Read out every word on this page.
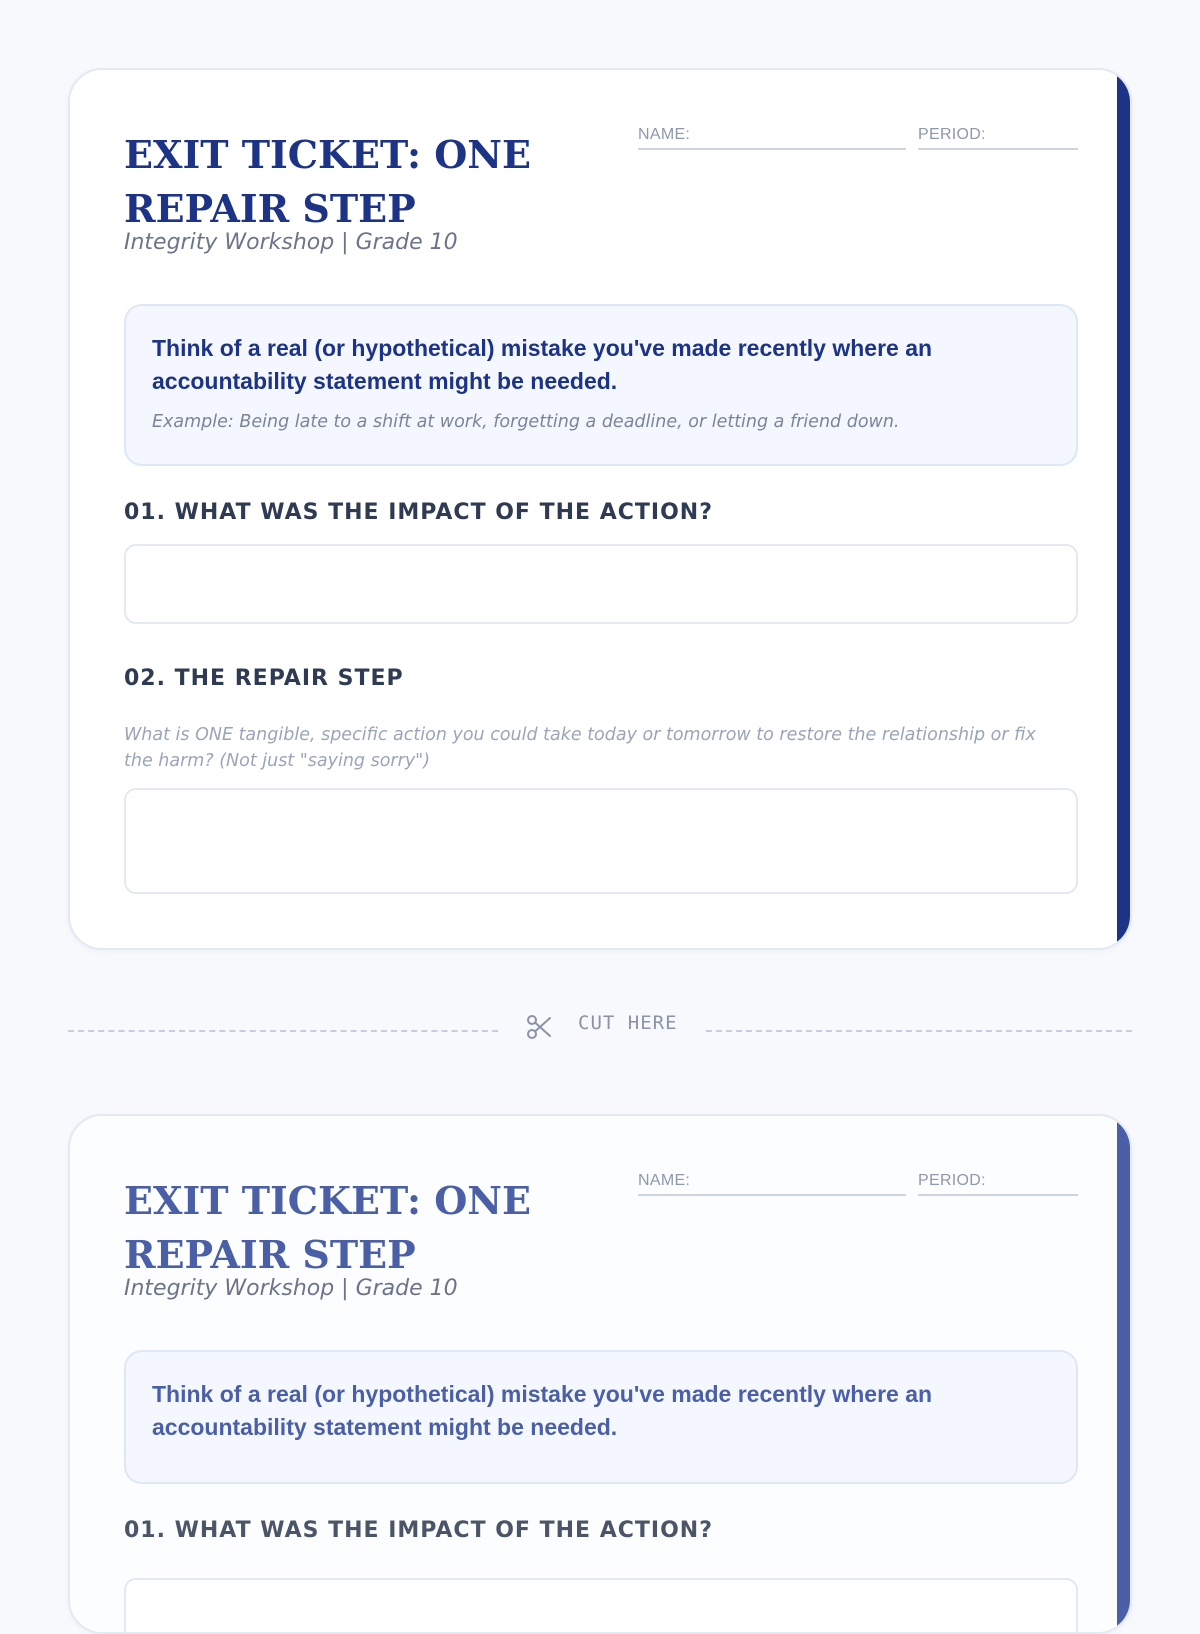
EXIT TICKET: ONE REPAIR STEP
Integrity Workshop | Grade 10
NAME:	PERIOD:
Think of a real (or hypothetical) mistake you've made recently where an accountability statement might be needed.
Example: Being late to a shift at work, forgetting a deadline, or letting a friend down.
01. WHAT WAS THE IMPACT OF THE ACTION?
02. THE REPAIR STEP
What is ONE tangible, specific action you could take today or tomorrow to restore the relationship or fix the harm? (Not just "saying sorry")
CUT HERE
EXIT TICKET: ONE REPAIR STEP
Integrity Workshop | Grade 10
NAME:	PERIOD:
Think of a real (or hypothetical) mistake you've made recently where an accountability statement might be needed.
01. WHAT WAS THE IMPACT OF THE ACTION?
